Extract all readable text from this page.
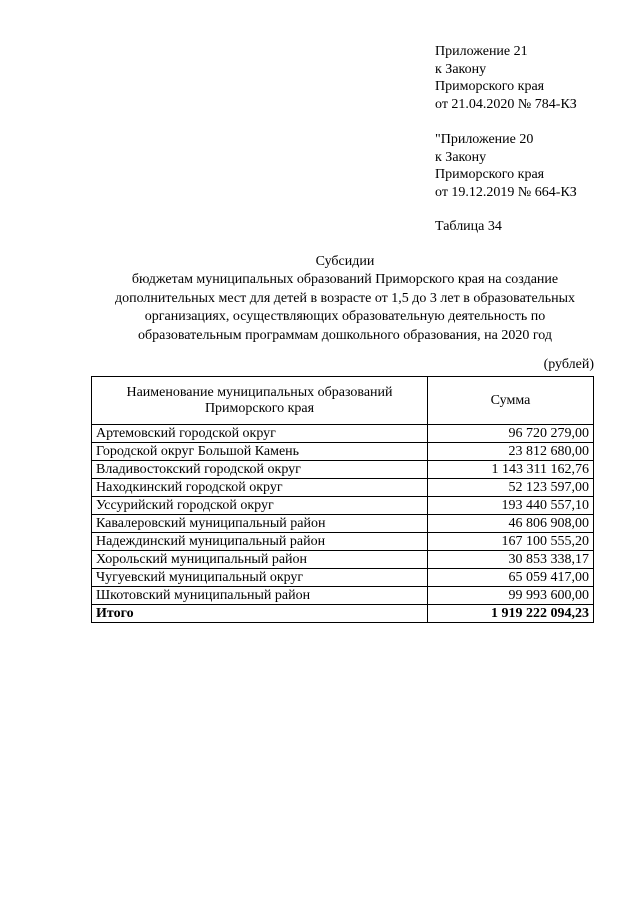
Приложение 21
к Закону
Приморского края
от 21.04.2020 № 784-КЗ
"Приложение 20
к Закону
Приморского края
от 19.12.2019 № 664-КЗ
Таблица 34
Субсидии
бюджетам муниципальных образований Приморского края на создание
дополнительных мест для детей в возрасте от 1,5 до 3 лет в образовательных
организациях, осуществляющих образовательную деятельность по
образовательным программам дошкольного образования, на 2020 год
(рублей)
Наименование муниципальных образований Приморского края	Сумма
Артемовский городской округ	96 720 279,00
Городской округ Большой Камень	23 812 680,00
Владивостокский городской округ	1 143 311 162,76
Находкинский городской округ	52 123 597,00
Уссурийский городской округ	193 440 557,10
Кавалеровский муниципальный район	46 806 908,00
Надеждинский муниципальный район	167 100 555,20
Хорольский муниципальный район	30 853 338,17
Чугуевский муниципальный округ	65 059 417,00
Шкотовский муниципальный район	99 993 600,00
Итого	1 919 222 094,23
